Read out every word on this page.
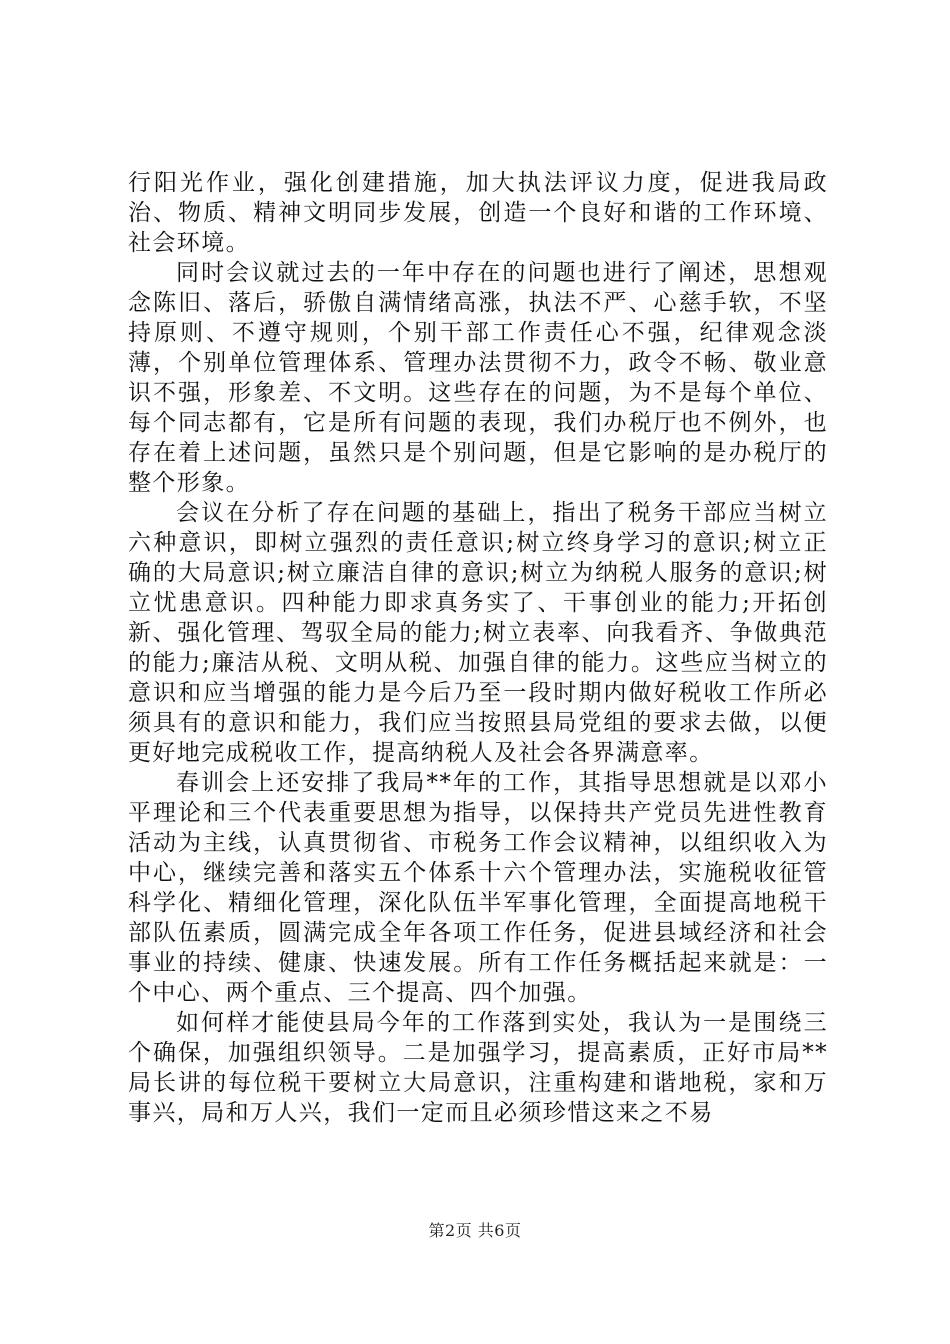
行阳光作业，强化创建措施，加大执法评议力度，促进我局政治、物质、精神文明同步发展，创造一个良好和谐的工作环境、社会环境。

同时会议就过去的一年中存在的问题也进行了阐述，思想观念陈旧、落后，骄傲自满情绪高涨，执法不严、心慈手软，不坚持原则、不遵守规则，个别干部工作责任心不强，纪律观念淡薄，个别单位管理体系、管理办法贯彻不力，政令不畅、敬业意识不强，形象差、不文明。这些存在的问题，为不是每个单位、每个同志都有，它是所有问题的表现，我们办税厅也不例外，也存在着上述问题，虽然只是个别问题，但是它影响的是办税厅的整个形象。

会议在分析了存在问题的基础上，指出了税务干部应当树立六种意识，即树立强烈的责任意识;树立终身学习的意识;树立正确的大局意识;树立廉洁自律的意识;树立为纳税人服务的意识;树立忧患意识。四种能力即求真务实了、干事创业的能力;开拓创新、强化管理、驾驭全局的能力;树立表率、向我看齐、争做典范的能力;廉洁从税、文明从税、加强自律的能力。这些应当树立的意识和应当增强的能力是今后乃至一段时期内做好税收工作所必须具有的意识和能力，我们应当按照县局党组的要求去做，以便更好地完成税收工作，提高纳税人及社会各界满意率。

春训会上还安排了我局**年的工作，其指导思想就是以邓小平理论和三个代表重要思想为指导，以保持共产党员先进性教育活动为主线，认真贯彻省、市税务工作会议精神，以组织收入为中心，继续完善和落实五个体系十六个管理办法，实施税收征管科学化、精细化管理，深化队伍半军事化管理，全面提高地税干部队伍素质，圆满完成全年各项工作任务，促进县域经济和社会事业的持续、健康、快速发展。所有工作任务概括起来就是：一个中心、两个重点、三个提高、四个加强。

如何样才能使县局今年的工作落到实处，我认为一是围绕三个确保，加强组织领导。二是加强学习，提高素质，正好市局**局长讲的每位税干要树立大局意识，注重构建和谐地税，家和万事兴，局和万人兴，我们一定而且必须珍惜这来之不易

第2页 共6页
